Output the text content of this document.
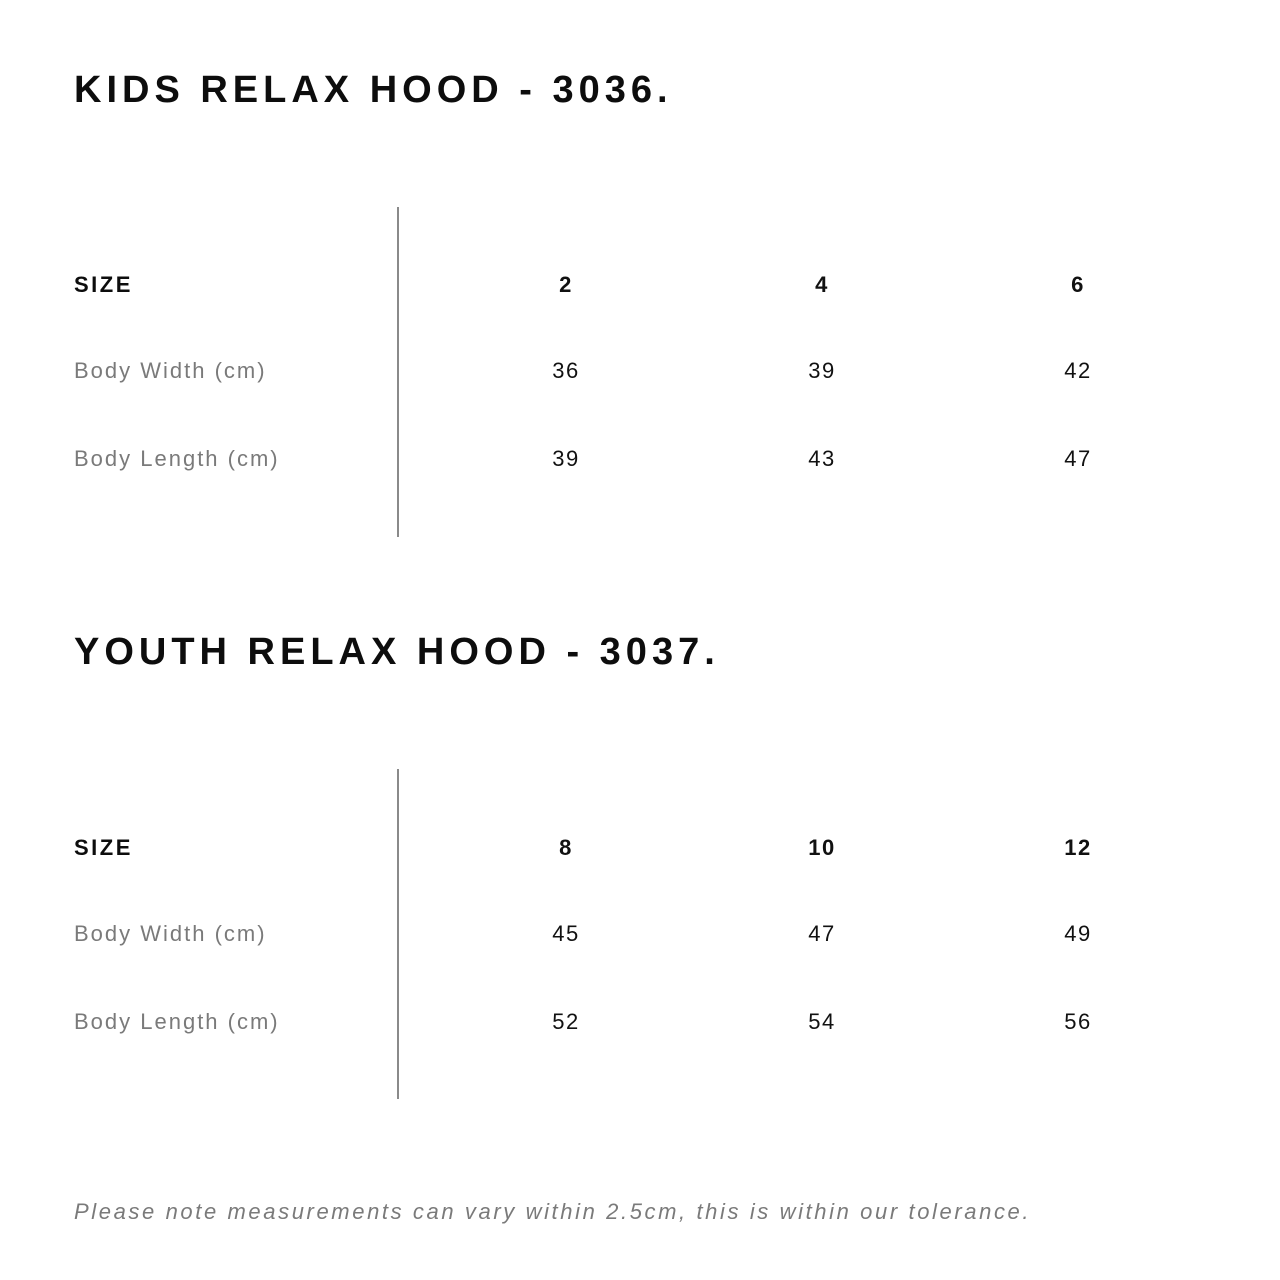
KIDS RELAX HOOD - 3036.
SIZE	2	4	6
Body Width (cm)	36	39	42
Body Length (cm)	39	43	47
YOUTH RELAX HOOD - 3037.
SIZE	8	10	12
Body Width (cm)	45	47	49
Body Length (cm)	52	54	56

Please note measurements can vary within 2.5cm, this is within our tolerance.
